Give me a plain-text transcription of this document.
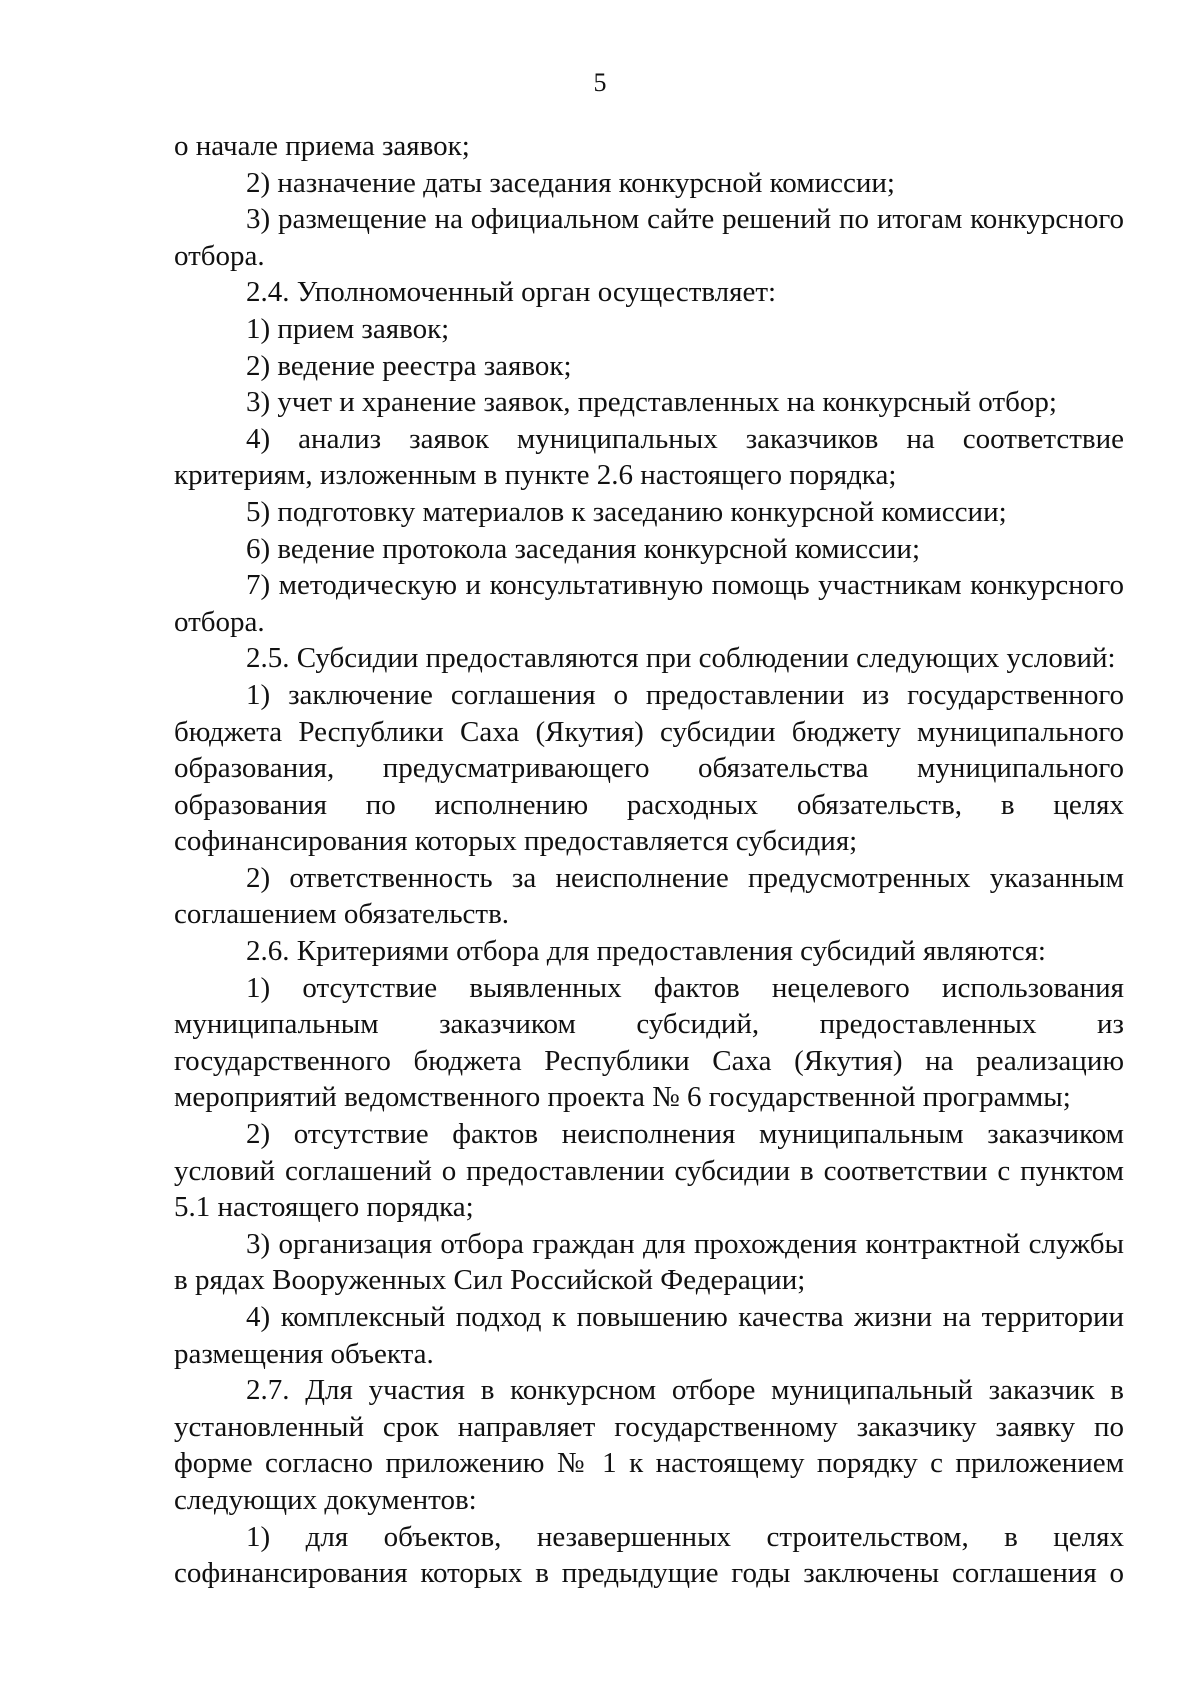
5

о начале приема заявок;

2) назначение даты заседания конкурсной комиссии;

3) размещение на официальном сайте решений по итогам конкурсного отбора.

2.4. Уполномоченный орган осуществляет:

1) прием заявок;

2) ведение реестра заявок;

3) учет и хранение заявок, представленных на конкурсный отбор;

4) анализ заявок муниципальных заказчиков на соответствие критериям, изложенным в пункте 2.6 настоящего порядка;

5) подготовку материалов к заседанию конкурсной комиссии;

6) ведение протокола заседания конкурсной комиссии;

7) методическую и консультативную помощь участникам конкурсного отбора.

2.5. Субсидии предоставляются при соблюдении следующих условий:

1) заключение соглашения о предоставлении из государственного бюджета Республики Саха (Якутия) субсидии бюджету муниципального образования, предусматривающего обязательства муниципального образования по исполнению расходных обязательств, в целях софинансирования которых предоставляется субсидия;

2) ответственность за неисполнение предусмотренных указанным соглашением обязательств.

2.6. Критериями отбора для предоставления субсидий являются:

1) отсутствие выявленных фактов нецелевого использования муниципальным заказчиком субсидий, предоставленных из государственного бюджета Республики Саха (Якутия) на реализацию мероприятий ведомственного проекта № 6 государственной программы;

2) отсутствие фактов неисполнения муниципальным заказчиком условий соглашений о предоставлении субсидии в соответствии с пунктом 5.1 настоящего порядка;

3) организация отбора граждан для прохождения контрактной службы в рядах Вооруженных Сил Российской Федерации;

4) комплексный подход к повышению качества жизни на территории размещения объекта.

2.7. Для участия в конкурсном отборе муниципальный заказчик в установленный срок направляет государственному заказчику заявку по форме согласно приложению № 1 к настоящему порядку с приложением следующих документов:

1) для объектов, незавершенных строительством, в целях софинансирования которых в предыдущие годы заключены соглашения о
